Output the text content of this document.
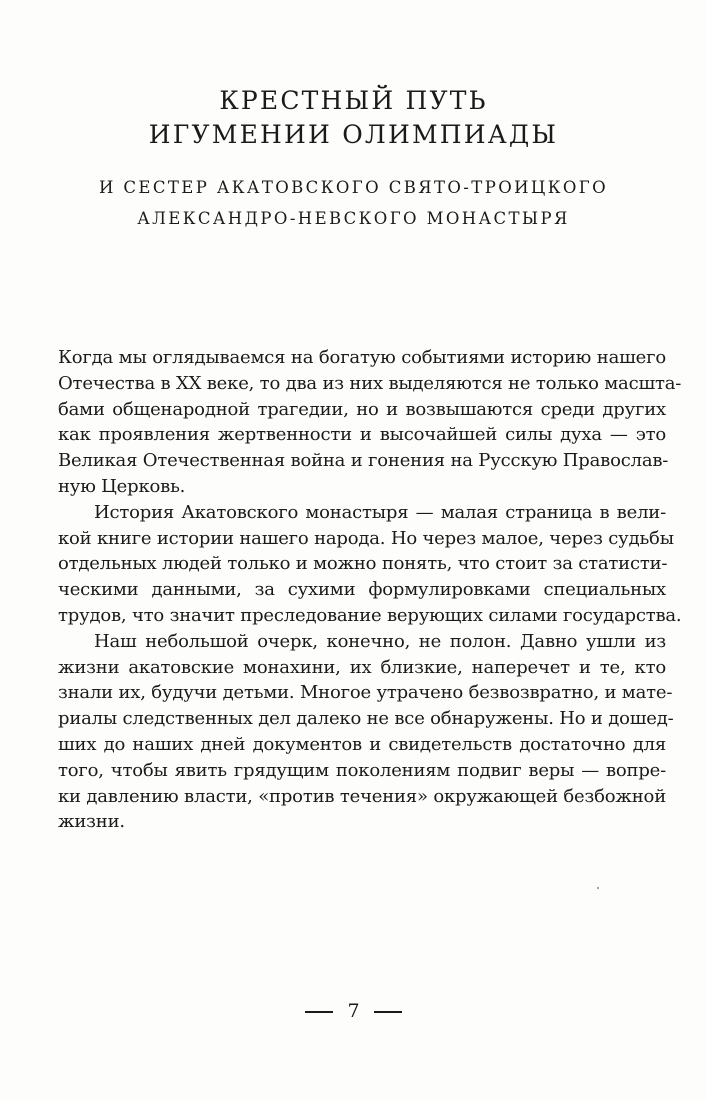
КРЕСТНЫЙ ПУТЬ
ИГУМЕНИИ ОЛИМПИАДЫ
И СЕСТЕР АКАТОВСКОГО СВЯТО-ТРОИЦКОГО
АЛЕКСАНДРО-НЕВСКОГО МОНАСТЫРЯ
Когда мы оглядываемся на богатую событиями историю нашего
Отечества в XX веке, то два из них выделяются не только масшта-
бами общенародной трагедии, но и возвышаются среди других
как проявления жертвенности и высочайшей силы духа — это
Великая Отечественная война и гонения на Русскую Православ-
ную Церковь.
История Акатовского монастыря — малая страница в вели-
кой книге истории нашего народа. Но через малое, через судьбы
отдельных людей только и можно понять, что стоит за статисти-
ческими данными, за сухими формулировками специальных
трудов, что значит преследование верующих силами государства.
Наш небольшой очерк, конечно, не полон. Давно ушли из
жизни акатовские монахини, их близкие, наперечет и те, кто
знали их, будучи детьми. Многое утрачено безвозвратно, и мате-
риалы следственных дел далеко не все обнаружены. Но и дошед-
ших до наших дней документов и свидетельств достаточно для
того, чтобы явить грядущим поколениям подвиг веры — вопре-
ки давлению власти, «против течения» окружающей безбожной
жизни.
7
